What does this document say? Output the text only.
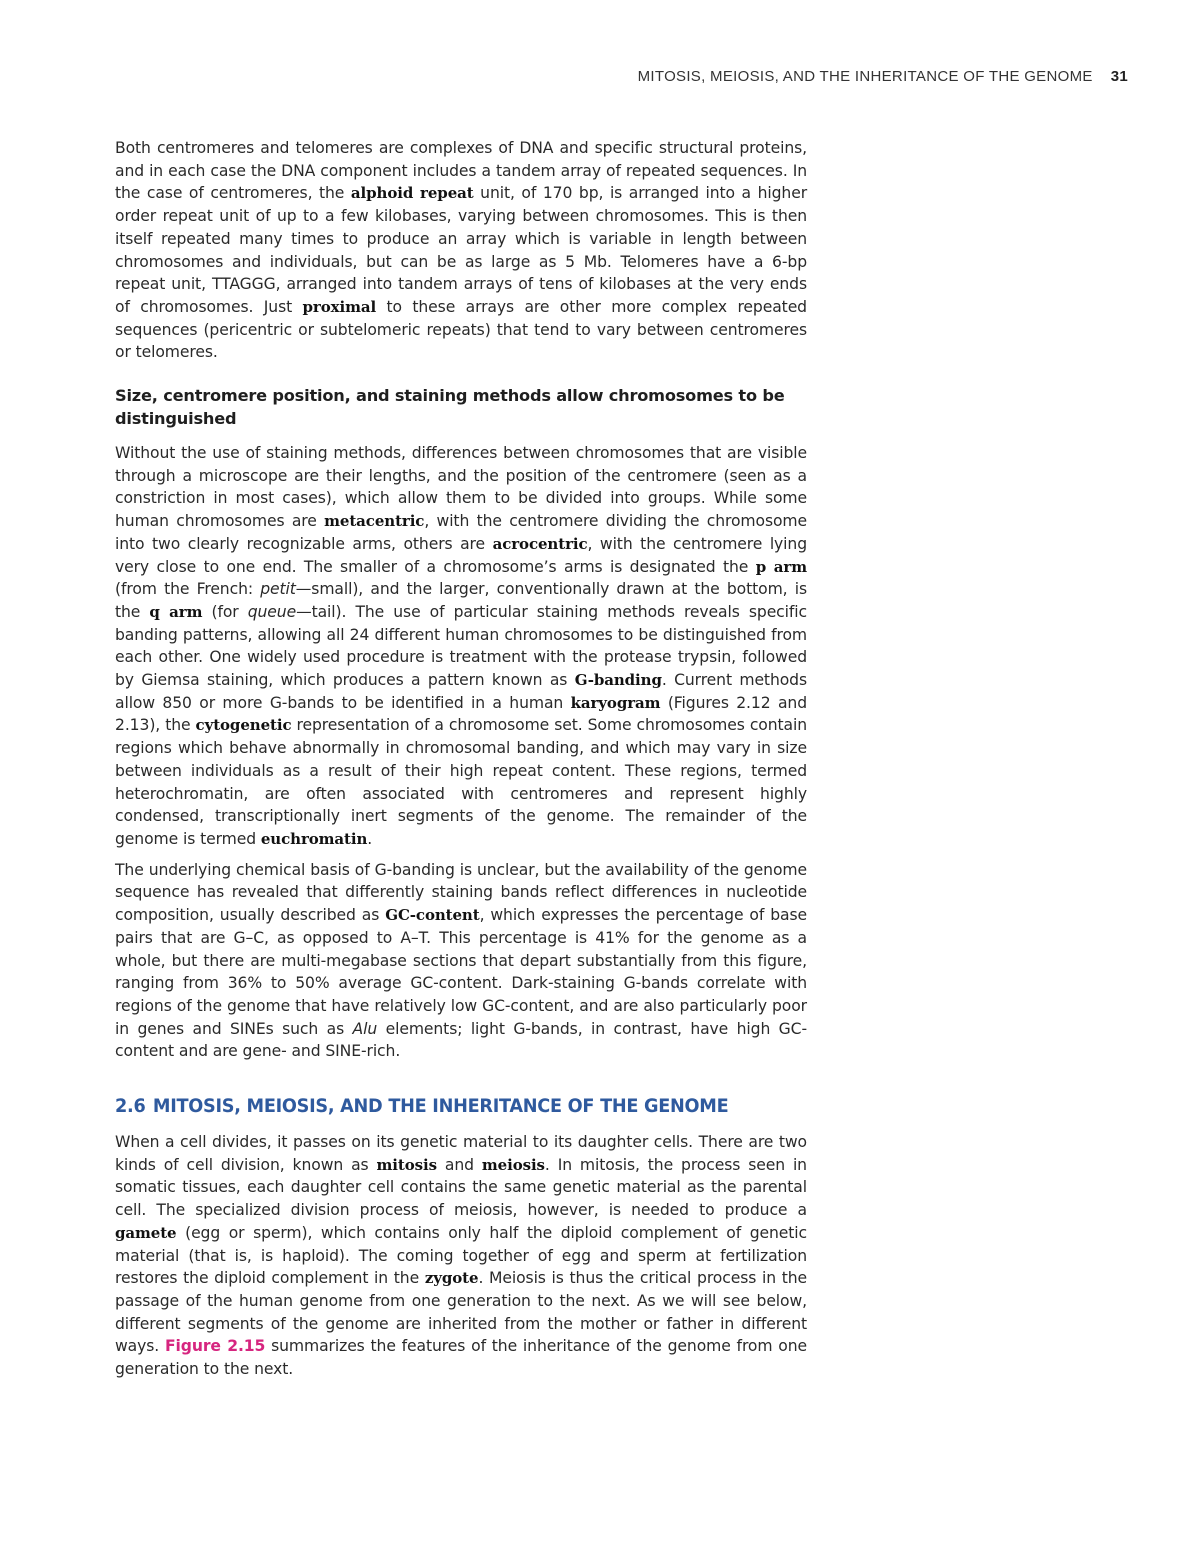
MITOSIS, MEIOSIS, AND THE INHERITANCE OF THE GENOME 31

Both centromeres and telomeres are complexes of DNA and specific structural proteins, and in each case the DNA component includes a tandem array of repeated sequences. In the case of centromeres, the alphoid repeat unit, of 170 bp, is arranged into a higher order repeat unit of up to a few kilobases, varying between chromosomes. This is then itself repeated many times to produce an array which is variable in length between chromosomes and individuals, but can be as large as 5 Mb. Telomeres have a 6-bp repeat unit, TTAGGG, arranged into tandem arrays of tens of kilobases at the very ends of chromosomes. Just proximal to these arrays are other more complex repeated sequences (pericentric or subtelomeric repeats) that tend to vary between centromeres or telomeres.

Size, centromere position, and staining methods allow chromosomes to be distinguished

Without the use of staining methods, differences between chromosomes that are visible through a microscope are their lengths, and the position of the centromere (seen as a constriction in most cases), which allow them to be divided into groups. While some human chromosomes are metacentric, with the centromere dividing the chromosome into two clearly recognizable arms, others are acrocentric, with the centromere lying very close to one end. The smaller of a chromosome’s arms is designated the p arm (from the French: petit—small), and the larger, conventionally drawn at the bottom, is the q arm (for queue—tail). The use of particular staining methods reveals specific banding patterns, allowing all 24 different human chromosomes to be distinguished from each other. One widely used procedure is treatment with the protease trypsin, followed by Giemsa staining, which produces a pattern known as G-banding. Current methods allow 850 or more G-bands to be identified in a human karyogram (Figures 2.12 and 2.13), the cytogenetic representation of a chromosome set. Some chromosomes contain regions which behave abnormally in chromosomal banding, and which may vary in size between individuals as a result of their high repeat content. These regions, termed heterochromatin, are often associated with centromeres and represent highly condensed, transcriptionally inert segments of the genome. The remainder of the genome is termed euchromatin.

The underlying chemical basis of G-banding is unclear, but the availability of the genome sequence has revealed that differently staining bands reflect differences in nucleotide composition, usually described as GC-content, which expresses the percentage of base pairs that are G–C, as opposed to A–T. This percentage is 41% for the genome as a whole, but there are multi-megabase sections that depart substantially from this figure, ranging from 36% to 50% average GC-content. Dark-staining G-bands correlate with regions of the genome that have relatively low GC-content, and are also particularly poor in genes and SINEs such as Alu elements; light G-bands, in contrast, have high GC-content and are gene- and SINE-rich.

2.6 MITOSIS, MEIOSIS, AND THE INHERITANCE OF THE GENOME

When a cell divides, it passes on its genetic material to its daughter cells. There are two kinds of cell division, known as mitosis and meiosis. In mitosis, the process seen in somatic tissues, each daughter cell contains the same genetic material as the parental cell. The specialized division process of meiosis, however, is needed to produce a gamete (egg or sperm), which contains only half the diploid complement of genetic material (that is, is haploid). The coming together of egg and sperm at fertilization restores the diploid complement in the zygote. Meiosis is thus the critical process in the passage of the human genome from one generation to the next. As we will see below, different segments of the genome are inherited from the mother or father in different ways. Figure 2.15 summarizes the features of the inheritance of the genome from one generation to the next.
